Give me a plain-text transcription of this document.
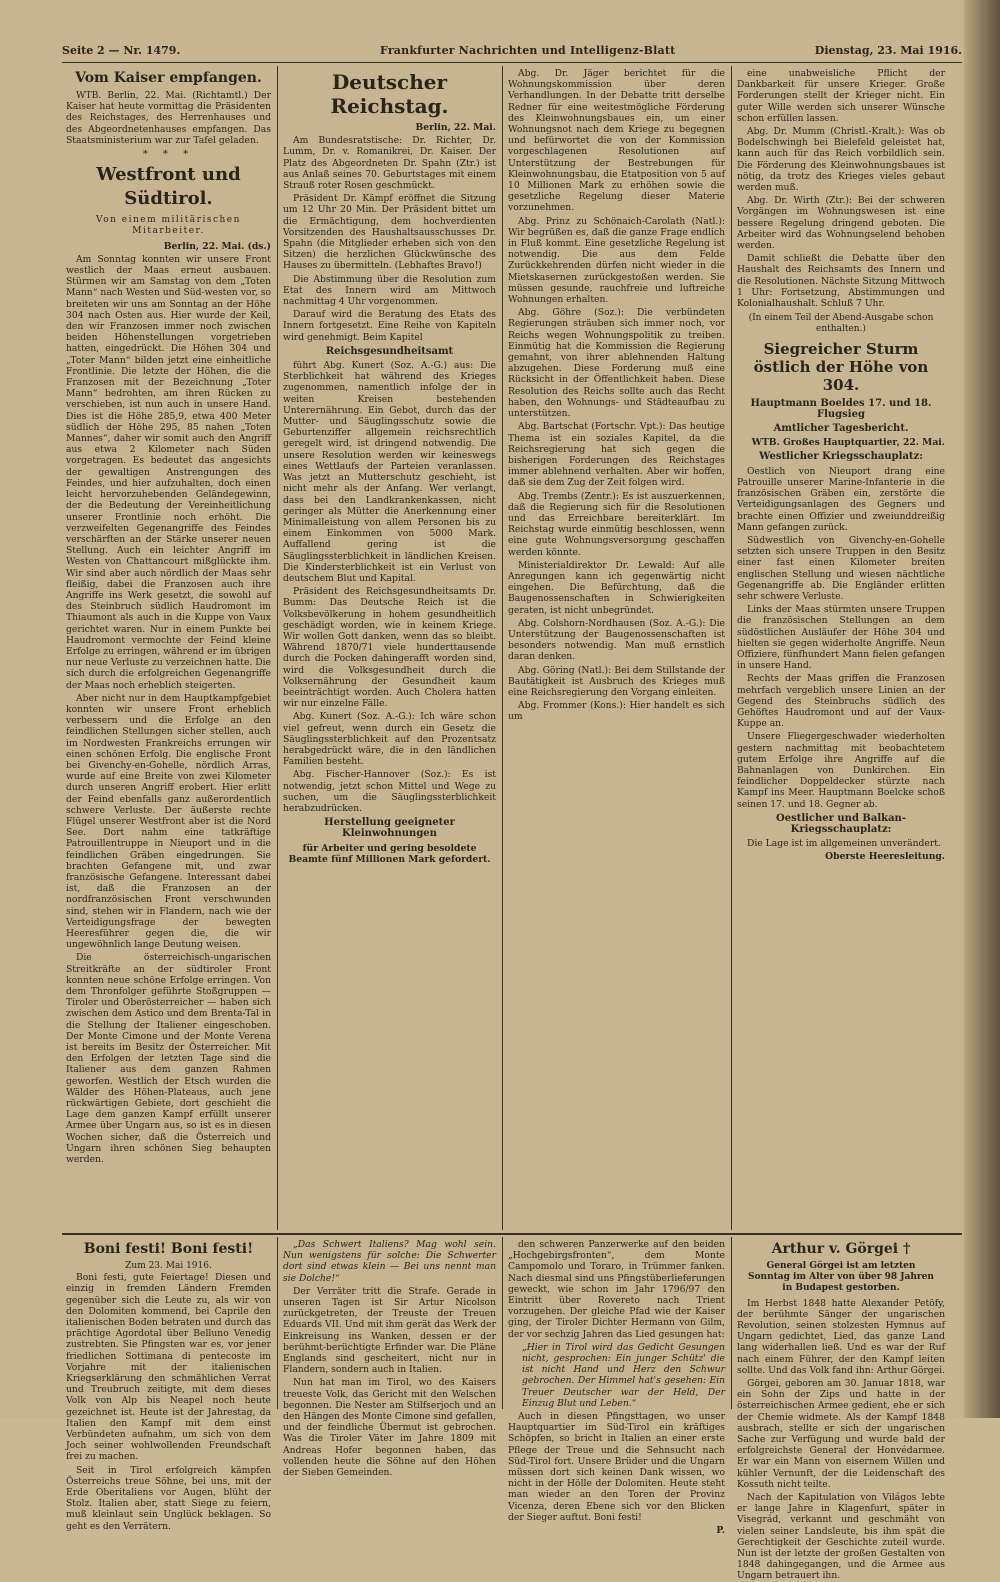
Seite 2 — Nr. 1479.	Frankfurter Nachrichten und Intelligenz-Blatt	Dienstag, 23. Mai 1916.
Vom Kaiser empfangen.

WTB. Berlin, 22. Mai. (Richtamtl.) Der Kaiser hat heute vormittag die Präsidenten des Reichstages, des Herrenhauses und des Abgeordnetenhauses empfangen. Das Staatsministerium war zur Tafel geladen.

* * *
Westfront und Südtirol.
Von einem militärischen Mitarbeiter.
Berlin, 22. Mai. (ds.)

Am Sonntag konnten wir unsere Front westlich der Maas erneut ausbauen. Stürmen wir am Samstag von dem „Toten Mann“ nach Westen und Süd-westen vor, so breiteten wir uns am Sonntag an der Höhe 304 nach Osten aus. Hier wurde der Keil, den wir Franzosen immer noch zwischen beiden Höhenstellungen vorgetrieben hatten, eingedrückt. Die Höhen 304 und „Toter Mann“ bilden jetzt eine einheitliche Frontlinie. Die letzte der Höhen, die die Franzosen mit der Bezeichnung „Toter Mann“ bedrohten, am ihren Rücken zu verschieben, ist nun auch in unsere Hand. Dies ist die Höhe 285,9, etwa 400 Meter südlich der Höhe 295, 85 nahen „Toten Mannes“, daher wir somit auch den Angriff aus etwa 2 Kilometer nach Süden vorgetragen. Es bedeutet das angesichts der gewaltigen Anstrengungen des Feindes, und hier aufzuhalten, doch einen leicht hervorzuhebenden Geländegewinn, der die Bedeutung der Vereinheitlichung unserer Frontlinie noch erhöht. Die verzweifelten Gegenangriffe des Feindes verschärften an der Stärke unserer neuen Stellung. Auch ein leichter Angriff im Westen von Chattancourt mißglückte ihm. Wir sind aber auch nördlich der Maas sehr fleißig, dabei die Franzosen auch ihre Angriffe ins Werk gesetzt, die sowohl auf des Steinbruch südlich Haudromont im Thiaumont als auch in die Kuppe von Vaux gerichtet waren. Nur in einem Punkte bei Haudromont vermochte der Feind kleine Erfolge zu erringen, während er im übrigen nur neue Verluste zu verzeichnen hatte. Die sich durch die erfolgreichen Gegenangriffe der Maas noch erheblich steigerten.

Aber nicht nur in dem Hauptkampfgebiet konnten wir unsere Front erheblich verbessern und die Erfolge an den feindlichen Stellungen sicher stellen, auch im Nordwesten Frankreichs errungen wir einen schönen Erfolg. Die englische Front bei Givenchy-en-Gohelle, nördlich Arras, wurde auf eine Breite von zwei Kilometer durch unseren Angriff erobert. Hier erlitt der Feind ebenfalls ganz außerordentlich schwere Verluste. Der äußerste rechte Flügel unserer Westfront aber ist die Nord See. Dort nahm eine tatkräftige Patrouillentruppe in Nieuport und in die feindlichen Gräben eingedrungen. Sie brachten Gefangene mit, und zwar französische Gefangene. Interessant dabei ist, daß die Franzosen an der nordfranzösischen Front verschwunden sind, stehen wir in Flandern, nach wie der Verteidigungsfrage der bewegten Heeresführer gegen die, die wir ungewöhnlich lange Deutung weisen.

Die österreichisch-ungarischen Streitkräfte an der südtiroler Front konnten neue schöne Erfolge erringen. Von dem Thronfolger geführte Stoßgruppen — Tiroler und Oberösterreicher — haben sich zwischen dem Astico und dem Brenta-Tal in die Stellung der Italiener eingeschoben. Der Monte Cimone und der Monte Verena ist bereits im Besitz der Österreicher. Mit den Erfolgen der letzten Tage sind die Italiener aus dem ganzen Rahmen geworfen. Westlich der Etsch wurden die Wälder des Höhen-Plateaus, auch jene rückwärtigen Gebiete, dort geschieht die Lage dem ganzen Kampf erfüllt unserer Armee über Ungarn aus, so ist es in diesen Wochen sicher, daß die Österreich und Ungarn ihren schönen Sieg behaupten werden.

Deutscher Reichstag.
Berlin, 22. Mai.

Am Bundesratstische: Dr. Richter, Dr. Lumm, Dr. v. Romanikrei, Dr. Kaiser. Der Platz des Abgeordneten Dr. Spahn (Ztr.) ist aus Anlaß seines 70. Geburtstages mit einem Strauß roter Rosen geschmückt.

Präsident Dr. Kämpf eröffnet die Sitzung um 12 Uhr 20 Min. Der Präsident bittet um die Ermächtigung, dem hochverdienten Vorsitzenden des Haushaltsausschusses Dr. Spahn (die Mitglieder erheben sich von den Sitzen) die herzlichen Glückwünsche des Hauses zu übermitteln. (Lebhaftes Bravo!)

Die Abstimmung über die Resolution zum Etat des Innern wird am Mittwoch nachmittag 4 Uhr vorgenommen.

Darauf wird die Beratung des Etats des Innern fortgesetzt. Eine Reihe von Kapiteln wird genehmigt. Beim Kapitel

Reichsgesundheitsamt

führt Abg. Kunert (Soz. A.-G.) aus: Die Sterblichkeit hat während des Krieges zugenommen, namentlich infolge der in weiten Kreisen bestehenden Unterernährung. Ein Gebot, durch das der Mutter- und Säuglingsschutz sowie die Geburtenziffer allgemein reichsrechtlich geregelt wird, ist dringend notwendig. Die unsere Resolution werden wir keineswegs eines Wettlaufs der Parteien veranlassen. Was jetzt an Mutterschutz geschieht, ist nicht mehr als der Anfang. Wer verlangt, dass bei den Landkrankenkassen, nicht geringer als Mütter die Anerkennung einer Minimalleistung von allem Personen bis zu einem Einkommen von 5000 Mark. Auffallend gering ist die Säuglingssterblichkeit in ländlichen Kreisen. Die Kindersterblichkeit ist ein Verlust von deutschem Blut und Kapital.

Präsident des Reichsgesundheitsamts Dr. Bumm: Das Deutsche Reich ist die Volksbevölkerung in hohem gesundheitlich geschädigt worden, wie in keinem Kriege. Wir wollen Gott danken, wenn das so bleibt. Während 1870/71 viele hunderttausende durch die Pocken dahingerafft worden sind, wird die Volksgesundheit durch die Volksernährung der Gesundheit kaum beeinträchtigt worden. Auch Cholera hatten wir nur einzelne Fälle.

Abg. Kunert (Soz. A.-G.): Ich wäre schon viel gefreut, wenn durch ein Gesetz die Säuglingssterblichkeit auf den Prozentsatz herabgedrückt wäre, die in den ländlichen Familien besteht.

Abg. Fischer-Hannover (Soz.): Es ist notwendig, jetzt schon Mittel und Wege zu suchen, um die Säuglingssterblichkeit herabzudrücken.

Herstellung geeigneter Kleinwohnungen

für Arbeiter und gering besoldete Beamte fünf Millionen Mark gefordert.

Abg. Dr. Jäger berichtet für die Wohnungskommission über deren Verhandlungen. In der Debatte tritt derselbe Redner für eine weitestmögliche Förderung des Kleinwohnungsbaues ein, um einer Wohnungsnot nach dem Kriege zu begegnen und befürwortet die von der Kommission vorgeschlagenen Resolutionen auf Unterstützung der Bestrebungen für Kleinwohnungsbau, die Etatposition von 5 auf 10 Millionen Mark zu erhöhen sowie die gesetzliche Regelung dieser Materie vorzunehmen.

Abg. Prinz zu Schönaich-Carolath (Natl.): Wir begrüßen es, daß die ganze Frage endlich in Fluß kommt. Eine gesetzliche Regelung ist notwendig. Die aus dem Felde Zurückkehrenden dürfen nicht wieder in die Mietskasernen zurückgestoßen werden. Sie müssen gesunde, rauchfreie und luftreiche Wohnungen erhalten.

Abg. Göhre (Soz.): Die verbündeten Regierungen sträuben sich immer noch, vor Reichs wegen Wohnungspolitik zu treiben. Einmütig hat die Kommission die Regierung gemahnt, von ihrer ablehnenden Haltung abzugehen. Diese Forderung muß eine Rücksicht in der Öffentlichkeit haben. Diese Resolution des Reichs sollte auch das Recht haben, den Wohnungs- und Städteaufbau zu unterstützen.

Abg. Bartschat (Fortschr. Vpt.): Das heutige Thema ist ein soziales Kapitel, da die Reichsregierung hat sich gegen die bisherigen Forderungen des Reichstages immer ablehnend verhalten. Aber wir hoffen, daß sie dem Zug der Zeit folgen wird.

Abg. Trembs (Zentr.): Es ist auszuerkennen, daß die Regierung sich für die Resolutionen und das Erreichbare bereiterklärt. Im Reichstag wurde einmütig beschlossen, wenn eine gute Wohnungsversorgung geschaffen werden könnte.

Ministerialdirektor Dr. Lewald: Auf alle Anregungen kann ich gegenwärtig nicht eingehen. Die Befürchtung, daß die Baugenossenschaften in Schwierigkeiten geraten, ist nicht unbegründet.

Abg. Colshorn-Nordhausen (Soz. A.-G.): Die Unterstützung der Baugenossenschaften ist besonders notwendig. Man muß ernstlich daran denken.

Abg. Göring (Natl.): Bei dem Stillstande der Bautätigkeit ist Ausbruch des Krieges muß eine Reichsregierung den Vorgang einleiten.

Abg. Frommer (Kons.): Hier handelt es sich um

eine unabweisliche Pflicht der Dankbarkeit für unsere Krieger. Große Forderungen stellt der Krieger nicht. Ein guter Wille werden sich unserer Wünsche schon erfüllen lassen.

Abg. Dr. Mumm (Christl.-Kralt.): Was ob Bodelschwingh bei Bielefeld geleistet hat, kann auch für das Reich vorbildlich sein. Die Förderung des Kleinwohnungsbaues ist nötig, da trotz des Krieges vieles gebaut werden muß.

Abg. Dr. Wirth (Ztr.): Bei der schweren Vorgängen im Wohnungswesen ist eine bessere Regelung dringend geboten. Die Arbeiter wird das Wohnungselend behoben werden.

Damit schließt die Debatte über den Haushalt des Reichsamts des Innern und die Resolutionen. Nächste Sitzung Mittwoch 1 Uhr: Fortsetzung, Abstimmungen und Kolonialhaushalt. Schluß 7 Uhr.

(In einem Teil der Abend-Ausgabe schon enthalten.)
Siegreicher Sturm östlich der Höhe von 304.
Hauptmann Boeldes 17. und 18. Flugsieg
Amtlicher Tagesbericht.
WTB. Großes Hauptquartier, 22. Mai.
Westlicher Kriegsschauplatz:

Oestlich von Nieuport drang eine Patrouille unserer Marine-Infanterie in die französischen Gräben ein, zerstörte die Verteidigungsanlagen des Gegners und brachte einen Offizier und zweiunddreißig Mann gefangen zurück.

Südwestlich von Givenchy-en-Gohelle setzten sich unsere Truppen in den Besitz einer fast einen Kilometer breiten englischen Stellung und wiesen nächtliche Gegenangriffe ab. Die Engländer erlitten sehr schwere Verluste.

Links der Maas stürmten unsere Truppen die französischen Stellungen an dem südöstlichen Ausläufer der Höhe 304 und hielten sie gegen widerholte Angriffe. Neun Offiziere, fünfhundert Mann fielen gefangen in unsere Hand.

Rechts der Maas griffen die Franzosen mehrfach vergeblich unsere Linien an der Gegend des Steinbruchs südlich des Gehöftes Haudromont und auf der Vaux-Kuppe an.

Unsere Fliegergeschwader wiederholten gestern nachmittag mit beobachtetem gutem Erfolge ihre Angriffe auf die Bahnanlagen von Dunkirchen. Ein feindlicher Doppeldecker stürzte nach Kampf ins Meer. Hauptmann Boelcke schoß seinen 17. und 18. Gegner ab.

Oestlicher und Balkan-Kriegsschauplatz:

Die Lage ist im allgemeinen unverändert.

Oberste Heeresleitung.
Boni festi! Boni festi!
Zum 23. Mai 1916.

Boni festi, gute Feiertage! Diesen und einzig in fremden Ländern Fremden gegenüber sich die Leute zu, als wir von den Dolomiten kommend, bei Caprile den italienischen Boden betraten und durch das prächtige Agordotal über Belluno Venedig zustrebten. Sie Pfingsten war es, vor jener friedlichen Sottimana di pentecoste im Vorjahre mit der italienischen Kriegserklärung den schmählichen Verrat und Treubruch zeitigte, mit dem dieses Volk von Alp bis Neapel noch heute gezeichnet ist. Heute ist der Jahrestag, da Italien den Kampf mit dem einst Verbündeten aufnahm, um sich von dem Joch seiner wohlwollenden Freundschaft frei zu machen.

Seit in Tirol erfolgreich kämpfen Österreichs treue Söhne, bei uns, mit der Erde Oberitaliens vor Augen, blüht der Stolz. Italien aber, statt Siege zu feiern, muß kleinlaut sein Unglück beklagen. So geht es den Verrätern.

„Das Schwert Italiens? Mag wohl sein. Nun wenigstens für solche: Die Schwerter dort sind etwas klein — Bei uns nennt man sie Dolche!“

Der Verräter tritt die Strafe. Gerade in unseren Tagen ist Sir Artur Nicolson zurückgetreten, der Treuste der Treuen Eduards VII. Und mit ihm gerät das Werk der Einkreisung ins Wanken, dessen er der berühmt-berüchtigte Erfinder war. Die Pläne Englands sind gescheitert, nicht nur in Flandern, sondern auch in Italien.

Nun hat man im Tirol, wo des Kaisers treueste Volk, das Gericht mit den Welschen begonnen. Die Nester am Stilfserjoch und an den Hängen des Monte Cimone sind gefallen, und der feindliche Übermut ist gebrochen. Was die Tiroler Väter im Jahre 1809 mit Andreas Hofer begonnen haben, das vollenden heute die Söhne auf den Höhen der Sieben Gemeinden.

den schweren Panzerwerke auf den beiden „Hochgebirgsfronten“, dem Monte Campomolo und Toraro, in Trümmer fanken. Nach diesmal sind uns Pfingstüberlieferungen geweckt, wie schon im Jahr 1796/97 den Eintritt über Rovereto nach Trient vorzugehen. Der gleiche Pfad wie der Kaiser ging, der Tiroler Dichter Hermann von Gilm, der vor sechzig Jahren das Lied gesungen hat:

„Hier in Tirol wird das Gedicht Gesungen nicht, gesprochen: Ein junger Schütz' die ist nicht Hand und Herz den Schwur gebrochen. Der Himmel hat's gesehen: Ein Treuer Deutscher war der Held, Der Einzug Blut und Leben.“

Auch in diesen Pfingsttagen, wo unser Hauptquartier im Süd-Tirol ein kräftiges Schöpfen, so bricht in Italien an einer erste Pflege der Treue und die Sehnsucht nach Süd-Tirol fort. Unsere Brüder und die Ungarn müssen dort sich keinen Dank wissen, wo nicht in der Hölle der Dolomiten. Heute steht man wieder an den Toren der Provinz Vicenza, deren Ebene sich vor den Blicken der Sieger auftut. Boni festi!

P.
Arthur v. Görgei †
General Görgei ist am letzten
Sonntag im Alter von über 98 Jahren
in Budapest gestorben.

Im Herbst 1848 hatte Alexander Petöfy, der berühmte Sänger der ungarischen Revolution, seinen stolzesten Hymnus auf Ungarn gedichtet, Lied, das ganze Land lang widerhallen ließ. Und es war der Ruf nach einem Führer, der den Kampf leiten sollte. Und das Volk fand ihn: Arthur Görgei.

Görgei, geboren am 30. Januar 1818, war ein Sohn der Zips und hatte in der österreichischen Armee gedient, ehe er sich der Chemie widmete. Als der Kampf 1848 ausbrach, stellte er sich der ungarischen Sache zur Verfügung und wurde bald der erfolgreichste General der Honvédarmee. Er war ein Mann von eisernem Willen und kühler Vernunft, der die Leidenschaft des Kossuth nicht teilte.

Nach der Kapitulation von Világos lebte er lange Jahre in Klagenfurt, später in Visegrád, verkannt und geschmäht von vielen seiner Landsleute, bis ihm spät die Gerechtigkeit der Geschichte zuteil wurde. Nun ist der letzte der großen Gestalten von 1848 dahingegangen, und die Armee aus Ungarn betrauert ihn.
